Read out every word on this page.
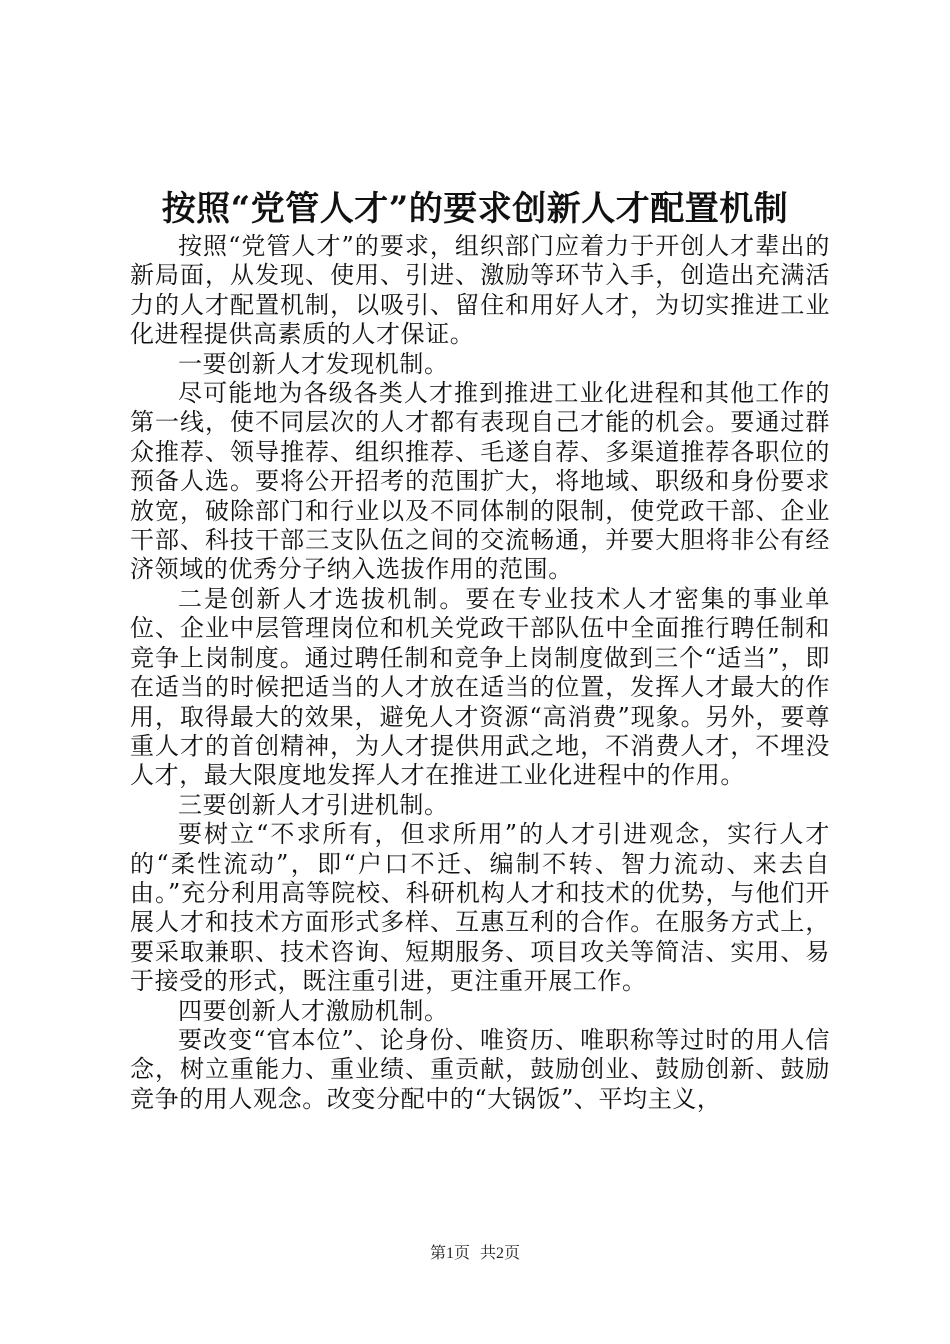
按照“党管人才”的要求创新人才配置机制

按照“党管人才”的要求，组织部门应着力于开创人才辈出的新局面，从发现、使用、引进、激励等环节入手，创造出充满活力的人才配置机制，以吸引、留住和用好人才，为切实推进工业化进程提供高素质的人才保证。

一要创新人才发现机制。

尽可能地为各级各类人才推到推进工业化进程和其他工作的第一线，使不同层次的人才都有表现自己才能的机会。要通过群众推荐、领导推荐、组织推荐、毛遂自荐、多渠道推荐各职位的预备人选。要将公开招考的范围扩大，将地域、职级和身份要求放宽，破除部门和行业以及不同体制的限制，使党政干部、企业干部、科技干部三支队伍之间的交流畅通，并要大胆将非公有经济领域的优秀分子纳入选拔作用的范围。

二是创新人才选拔机制。要在专业技术人才密集的事业单位、企业中层管理岗位和机关党政干部队伍中全面推行聘任制和竞争上岗制度。通过聘任制和竞争上岗制度做到三个“适当”，即在适当的时候把适当的人才放在适当的位置，发挥人才最大的作用，取得最大的效果，避免人才资源“高消费”现象。另外，要尊重人才的首创精神，为人才提供用武之地，不消费人才，不埋没人才，最大限度地发挥人才在推进工业化进程中的作用。

三要创新人才引进机制。

要树立“不求所有，但求所用”的人才引进观念，实行人才的“柔性流动”，即“户口不迁、编制不转、智力流动、来去自由。”充分利用高等院校、科研机构人才和技术的优势，与他们开展人才和技术方面形式多样、互惠互利的合作。在服务方式上，要采取兼职、技术咨询、短期服务、项目攻关等简洁、实用、易于接受的形式，既注重引进，更注重开展工作。

四要创新人才激励机制。

要改变“官本位”、论身份、唯资历、唯职称等过时的用人信念，树立重能力、重业绩、重贡献，鼓励创业、鼓励创新、鼓励竞争的用人观念。改变分配中的“大锅饭”、平均主义，

第1页 共2页
